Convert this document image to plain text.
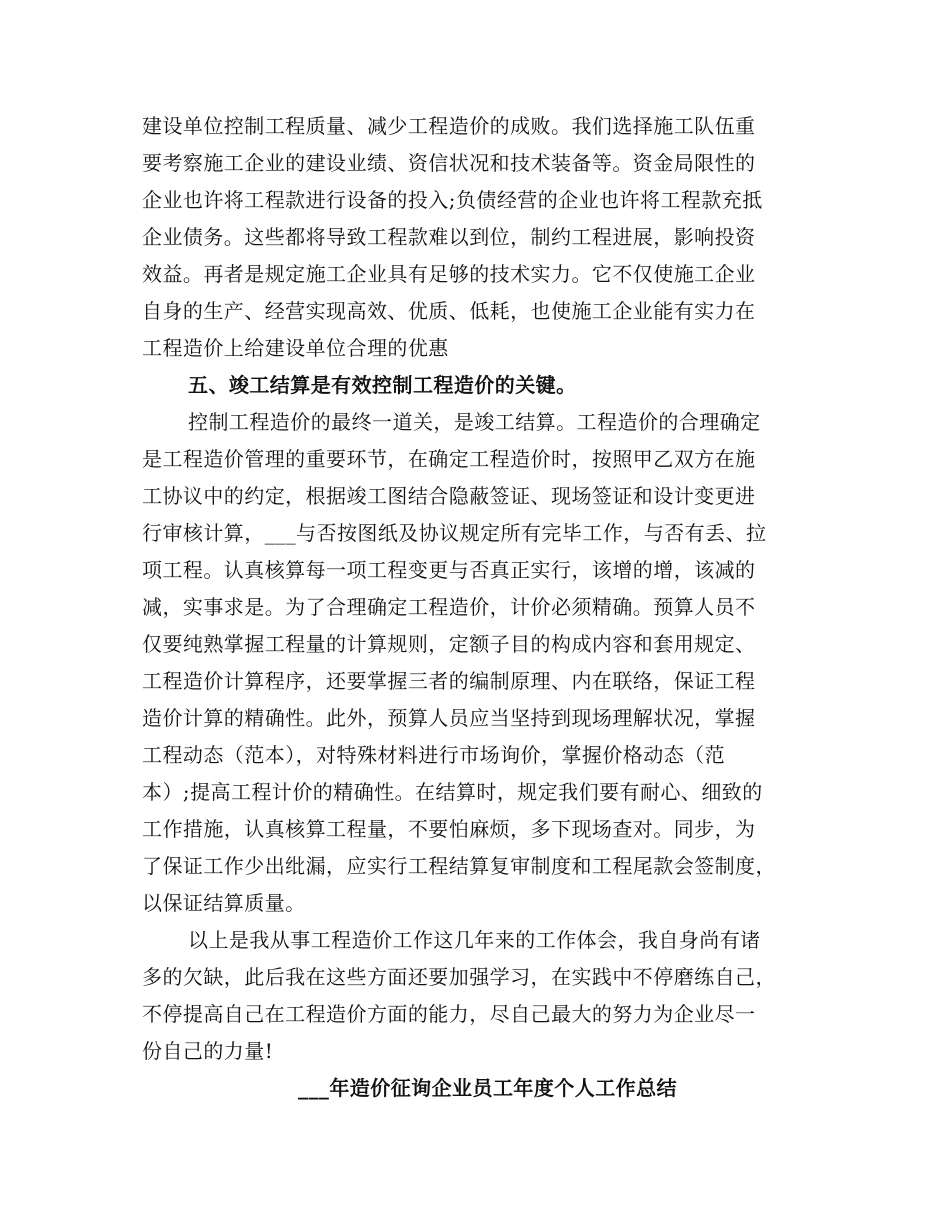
建设单位控制工程质量、减少工程造价的成败。我们选择施工队伍重
要考察施工企业的建设业绩、资信状况和技术装备等。资金局限性的
企业也许将工程款进行设备的投入;负债经营的企业也许将工程款充抵
企业债务。这些都将导致工程款难以到位，制约工程进展，影响投资
效益。再者是规定施工企业具有足够的技术实力。它不仅使施工企业
自身的生产、经营实现高效、优质、低耗，也使施工企业能有实力在
工程造价上给建设单位合理的优惠
五、竣工结算是有效控制工程造价的关键。
控制工程造价的最终一道关，是竣工结算。工程造价的合理确定
是工程造价管理的重要环节，在确定工程造价时，按照甲乙双方在施
工协议中的约定，根据竣工图结合隐蔽签证、现场签证和设计变更进
行审核计算，___与否按图纸及协议规定所有完毕工作，与否有丢、拉
项工程。认真核算每一项工程变更与否真正实行，该增的增，该减的
减，实事求是。为了合理确定工程造价，计价必须精确。预算人员不
仅要纯熟掌握工程量的计算规则，定额子目的构成内容和套用规定、
工程造价计算程序，还要掌握三者的编制原理、内在联络，保证工程
造价计算的精确性。此外，预算人员应当坚持到现场理解状况，掌握
工程动态（范本），对特殊材料进行市场询价，掌握价格动态（范
本）;提高工程计价的精确性。在结算时，规定我们要有耐心、细致的
工作措施，认真核算工程量，不要怕麻烦，多下现场查对。同步，为
了保证工作少出纰漏，应实行工程结算复审制度和工程尾款会签制度，
以保证结算质量。
以上是我从事工程造价工作这几年来的工作体会，我自身尚有诸
多的欠缺，此后我在这些方面还要加强学习，在实践中不停磨练自己，
不停提高自己在工程造价方面的能力，尽自己最大的努力为企业尽一
份自己的力量!
___年造价征询企业员工年度个人工作总结
